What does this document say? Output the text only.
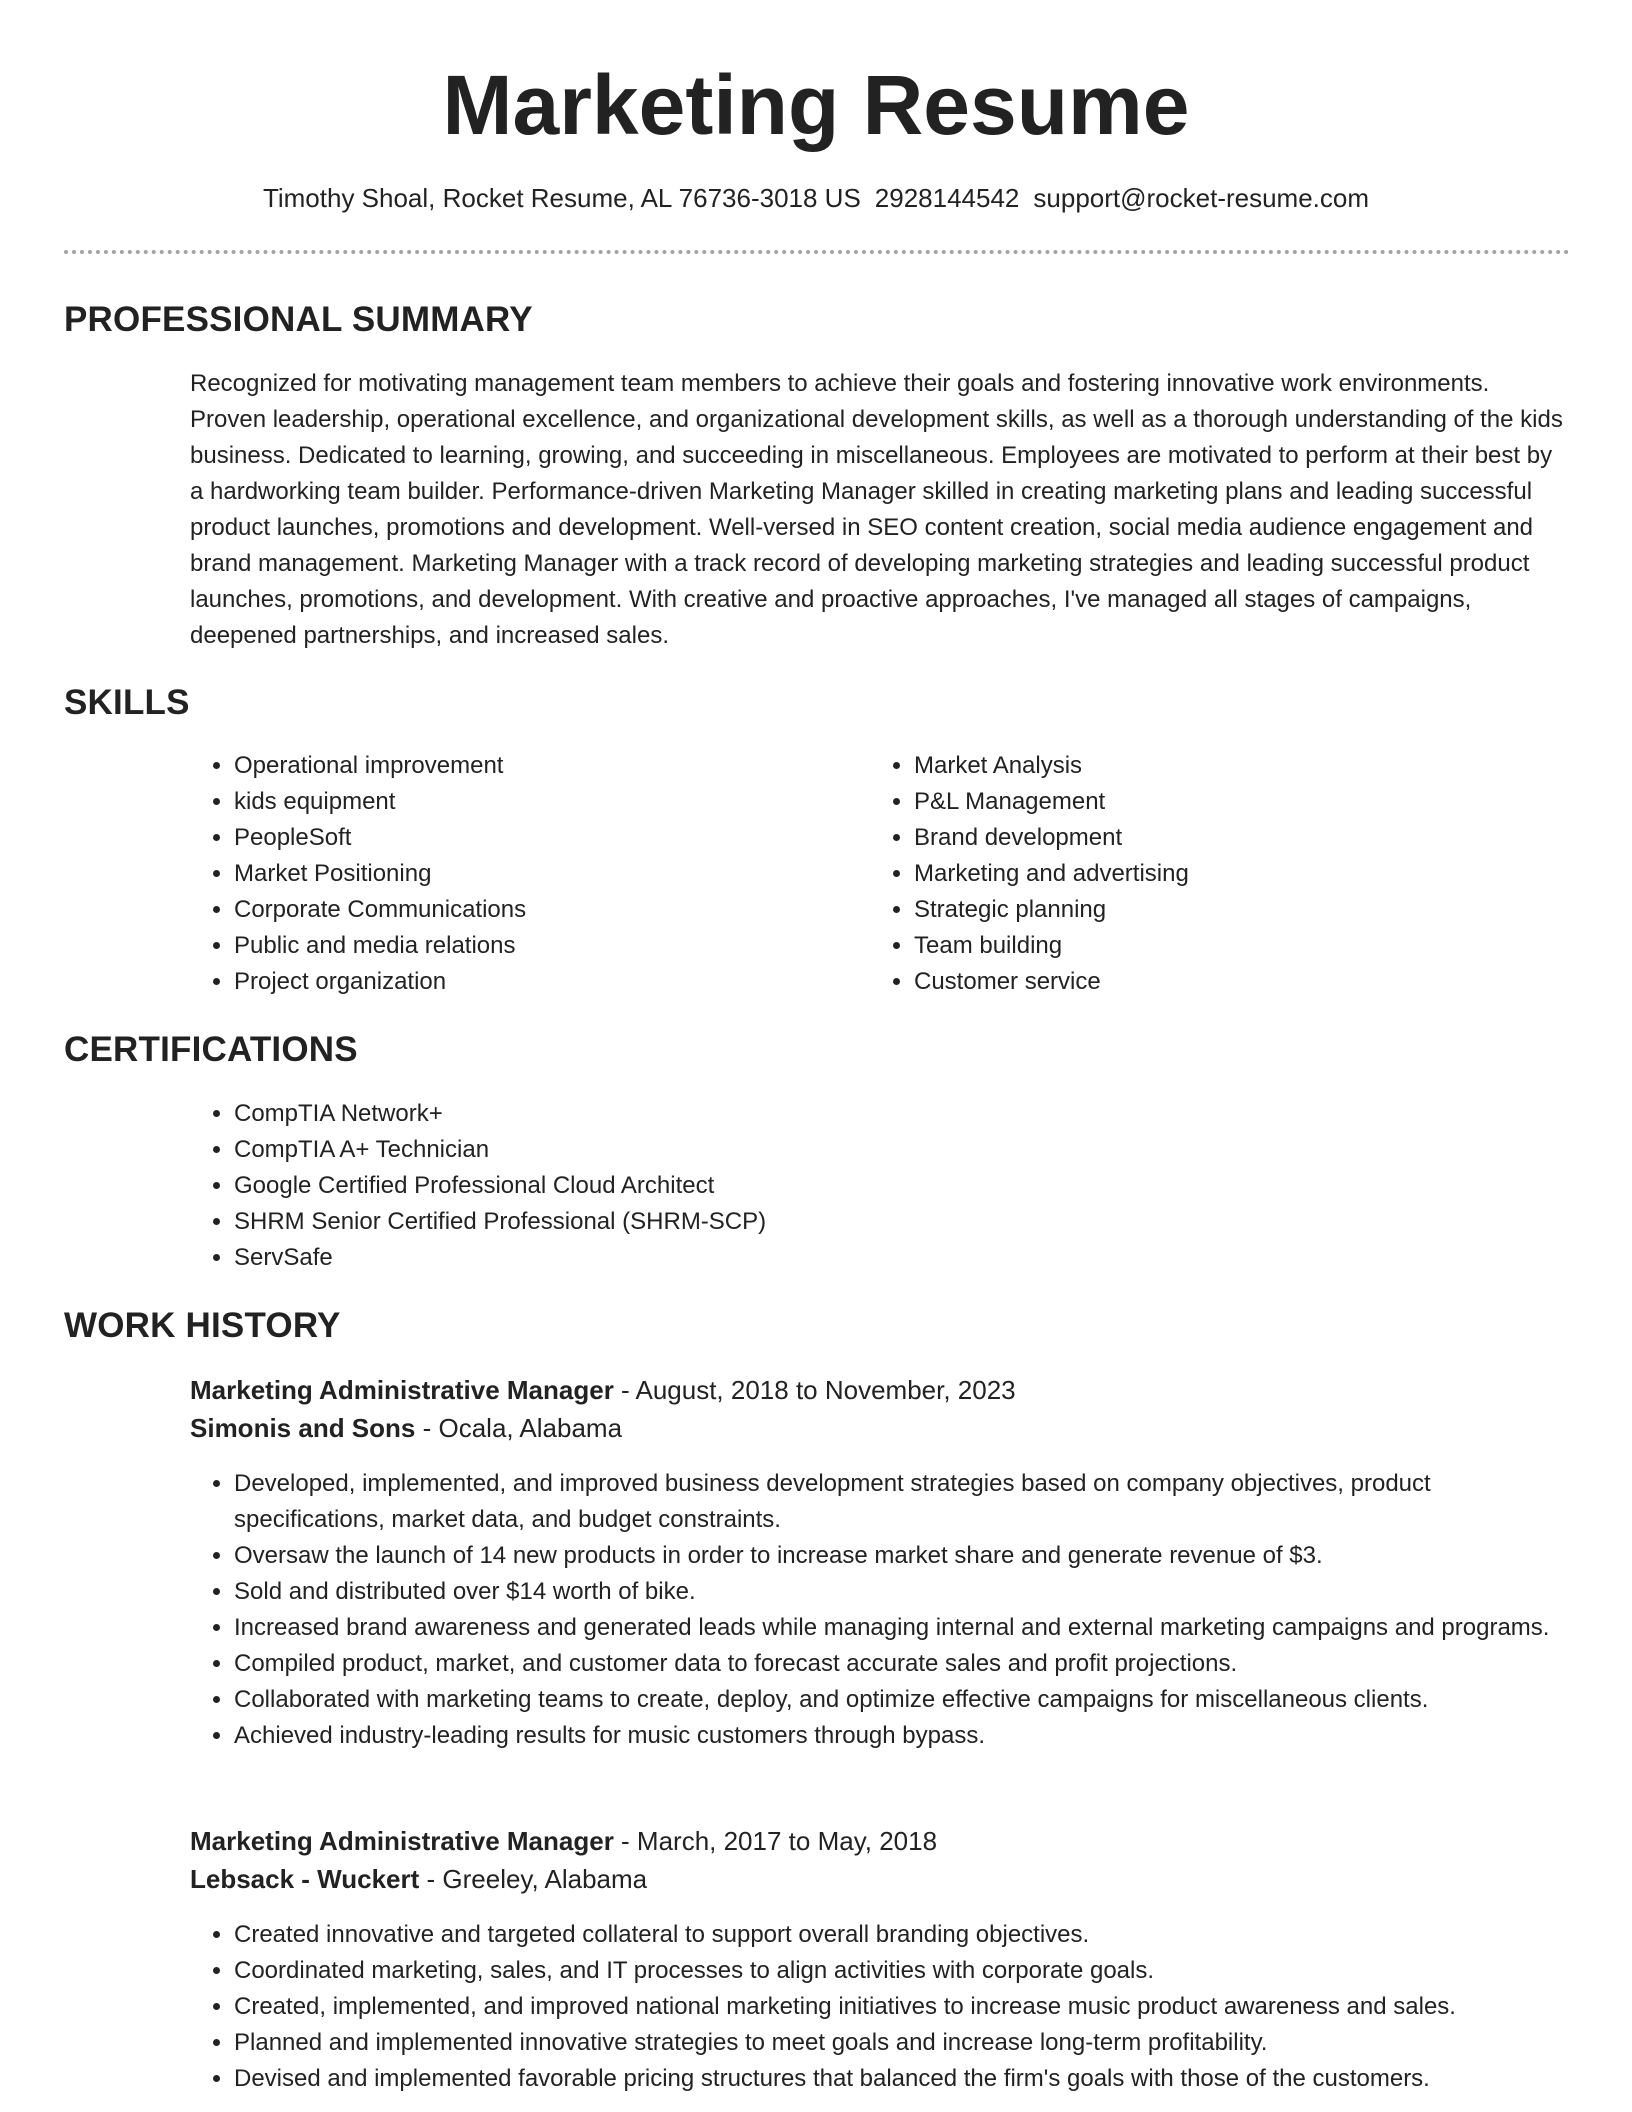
Marketing Resume
Timothy Shoal, Rocket Resume, AL 76736-3018 US 2928144542 support@rocket-resume.com
PROFESSIONAL SUMMARY

Recognized for motivating management team members to achieve their goals and fostering innovative work environments. Proven leadership, operational excellence, and organizational development skills, as well as a thorough understanding of the kids business. Dedicated to learning, growing, and succeeding in miscellaneous. Employees are motivated to perform at their best by a hardworking team builder. Performance-driven Marketing Manager skilled in creating marketing plans and leading successful product launches, promotions and development. Well-versed in SEO content creation, social media audience engagement and brand management. Marketing Manager with a track record of developing marketing strategies and leading successful product launches, promotions, and development. With creative and proactive approaches, I've managed all stages of campaigns, deepened partnerships, and increased sales.

SKILLS
• Operational improvement
• kids equipment
• PeopleSoft
• Market Positioning
• Corporate Communications
• Public and media relations
• Project organization
• Market Analysis
• P&L Management
• Brand development
• Marketing and advertising
• Strategic planning
• Team building
• Customer service
CERTIFICATIONS
• CompTIA Network+
• CompTIA A+ Technician
• Google Certified Professional Cloud Architect
• SHRM Senior Certified Professional (SHRM-SCP)
• ServSafe
WORK HISTORY
Marketing Administrative Manager - August, 2018 to November, 2023
Simonis and Sons - Ocala, Alabama
• Developed, implemented, and improved business development strategies based on company objectives, product specifications, market data, and budget constraints.
• Oversaw the launch of 14 new products in order to increase market share and generate revenue of $3.
• Sold and distributed over $14 worth of bike.
• Increased brand awareness and generated leads while managing internal and external marketing campaigns and programs.
• Compiled product, market, and customer data to forecast accurate sales and profit projections.
• Collaborated with marketing teams to create, deploy, and optimize effective campaigns for miscellaneous clients.
• Achieved industry-leading results for music customers through bypass.
Marketing Administrative Manager - March, 2017 to May, 2018
Lebsack - Wuckert - Greeley, Alabama
• Created innovative and targeted collateral to support overall branding objectives.
• Coordinated marketing, sales, and IT processes to align activities with corporate goals.
• Created, implemented, and improved national marketing initiatives to increase music product awareness and sales.
• Planned and implemented innovative strategies to meet goals and increase long-term profitability.
• Devised and implemented favorable pricing structures that balanced the firm's goals with those of the customers.
